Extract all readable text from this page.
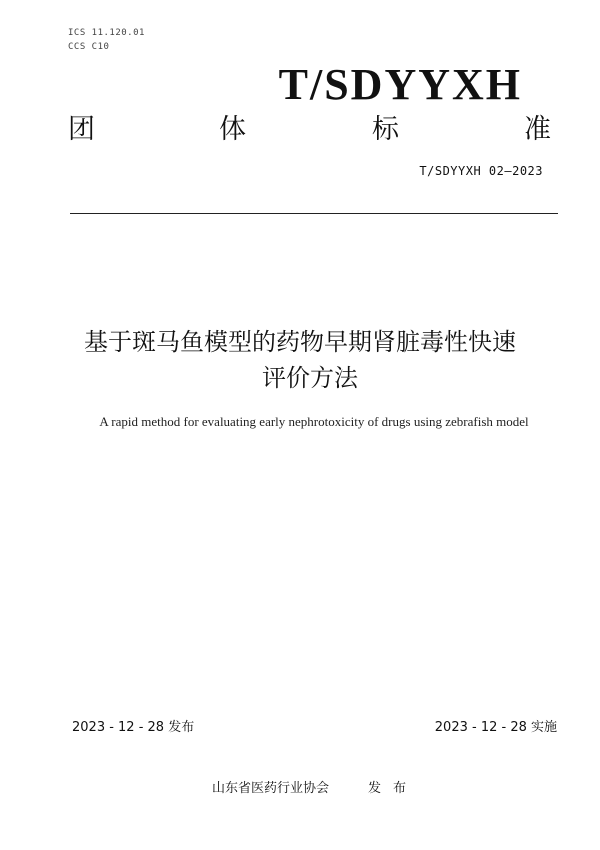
ICS 11.120.01
CCS C10
T/SDYYXH
团	体	标	准
T/SDYYXH 02—2023
基于斑马鱼模型的药物早期肾脏毒性快速
评价方法
A rapid method for evaluating early nephrotoxicity of drugs using zebrafish model
2023 - 12 - 28 发布	2023 - 12 - 28 实施
山东省医药行业协会	发布
